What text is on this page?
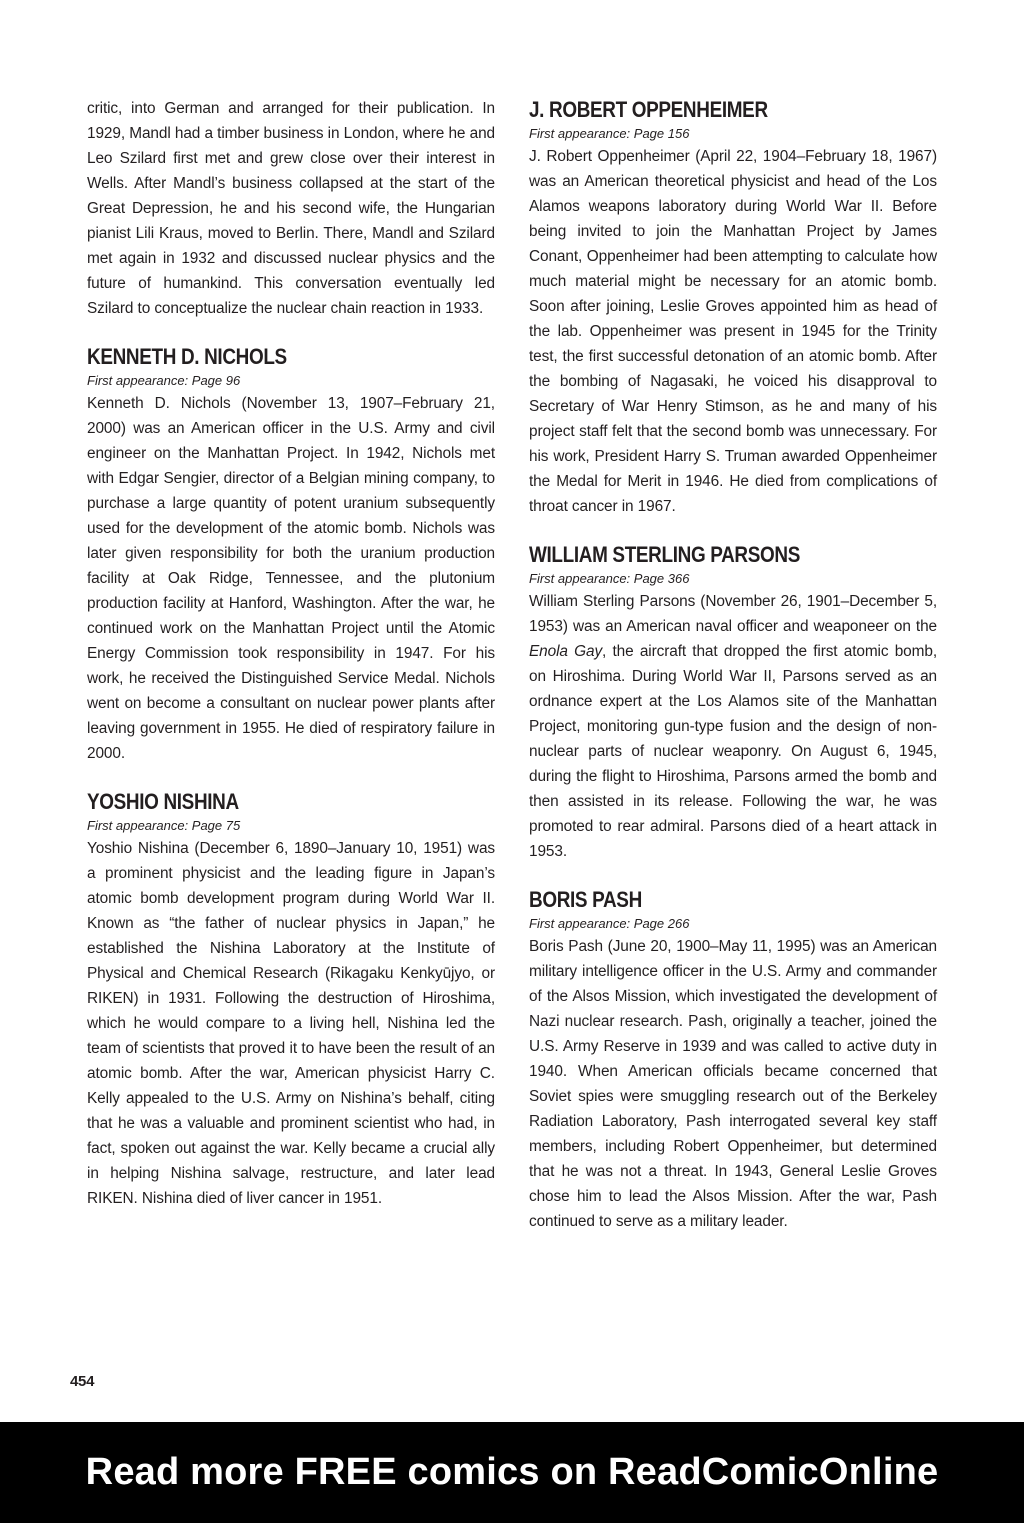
critic, into German and arranged for their publication. In 1929, Mandl had a timber business in London, where he and Leo Szilard first met and grew close over their interest in Wells. After Mandl’s business collapsed at the start of the Great Depression, he and his second wife, the Hungarian pianist Lili Kraus, moved to Berlin. There, Mandl and Szilard met again in 1932 and discussed nuclear physics and the future of humankind. This conversation eventually led Szilard to conceptualize the nuclear chain reaction in 1933.

KENNETH D. NICHOLS
First appearance: Page 96

Kenneth D. Nichols (November 13, 1907–February 21, 2000) was an American officer in the U.S. Army and civil engineer on the Manhattan Project. In 1942, Nichols met with Edgar Sengier, director of a Belgian mining company, to purchase a large quantity of potent uranium subsequently used for the development of the atomic bomb. Nichols was later given responsibility for both the uranium production facility at Oak Ridge, Tennessee, and the plutonium production facility at Hanford, Washington. After the war, he continued work on the Manhattan Project until the Atomic Energy Commission took responsibility in 1947. For his work, he received the Distinguished Service Medal. Nichols went on become a consultant on nuclear power plants after leaving government in 1955. He died of respiratory failure in 2000.

YOSHIO NISHINA
First appearance: Page 75

Yoshio Nishina (December 6, 1890–January 10, 1951) was a prominent physicist and the leading figure in Japan’s atomic bomb development program during World War II. Known as “the father of nuclear physics in Japan,” he established the Nishina Laboratory at the Institute of Physical and Chemical Research (Rikagaku Kenkyūjyo, or RIKEN) in 1931. Following the destruction of Hiroshima, which he would compare to a living hell, Nishina led the team of scientists that proved it to have been the result of an atomic bomb. After the war, American physicist Harry C. Kelly appealed to the U.S. Army on Nishina’s behalf, citing that he was a valuable and prominent scientist who had, in fact, spoken out against the war. Kelly became a crucial ally in helping Nishina salvage, restructure, and later lead RIKEN. Nishina died of liver cancer in 1951.

J. ROBERT OPPENHEIMER
First appearance: Page 156

J. Robert Oppenheimer (April 22, 1904–February 18, 1967) was an American theoretical physicist and head of the Los Alamos weapons laboratory during World War II. Before being invited to join the Manhattan Project by James Conant, Oppenheimer had been attempting to calculate how much material might be necessary for an atomic bomb. Soon after joining, Leslie Groves appointed him as head of the lab. Oppenheimer was present in 1945 for the Trinity test, the first successful detonation of an atomic bomb. After the bombing of Nagasaki, he voiced his disapproval to Secretary of War Henry Stimson, as he and many of his project staff felt that the second bomb was unnecessary. For his work, President Harry S. Truman awarded Oppenheimer the Medal for Merit in 1946. He died from complications of throat cancer in 1967.

WILLIAM STERLING PARSONS
First appearance: Page 366

William Sterling Parsons (November 26, 1901–December 5, 1953) was an American naval officer and weaponeer on the Enola Gay, the aircraft that dropped the first atomic bomb, on Hiroshima. During World War II, Parsons served as an ordnance expert at the Los Alamos site of the Manhattan Project, monitoring gun-type fusion and the design of non-nuclear parts of nuclear weaponry. On August 6, 1945, during the flight to Hiroshima, Parsons armed the bomb and then assisted in its release. Following the war, he was promoted to rear admiral. Parsons died of a heart attack in 1953.

BORIS PASH
First appearance: Page 266

Boris Pash (June 20, 1900–May 11, 1995) was an American military intelligence officer in the U.S. Army and commander of the Alsos Mission, which investigated the development of Nazi nuclear research. Pash, originally a teacher, joined the U.S. Army Reserve in 1939 and was called to active duty in 1940. When American officials became concerned that Soviet spies were smuggling research out of the Berkeley Radiation Laboratory, Pash interrogated several key staff members, including Robert Oppenheimer, but determined that he was not a threat. In 1943, General Leslie Groves chose him to lead the Alsos Mission. After the war, Pash continued to serve as a military leader.

454
Read more FREE comics on ReadComicOnline
